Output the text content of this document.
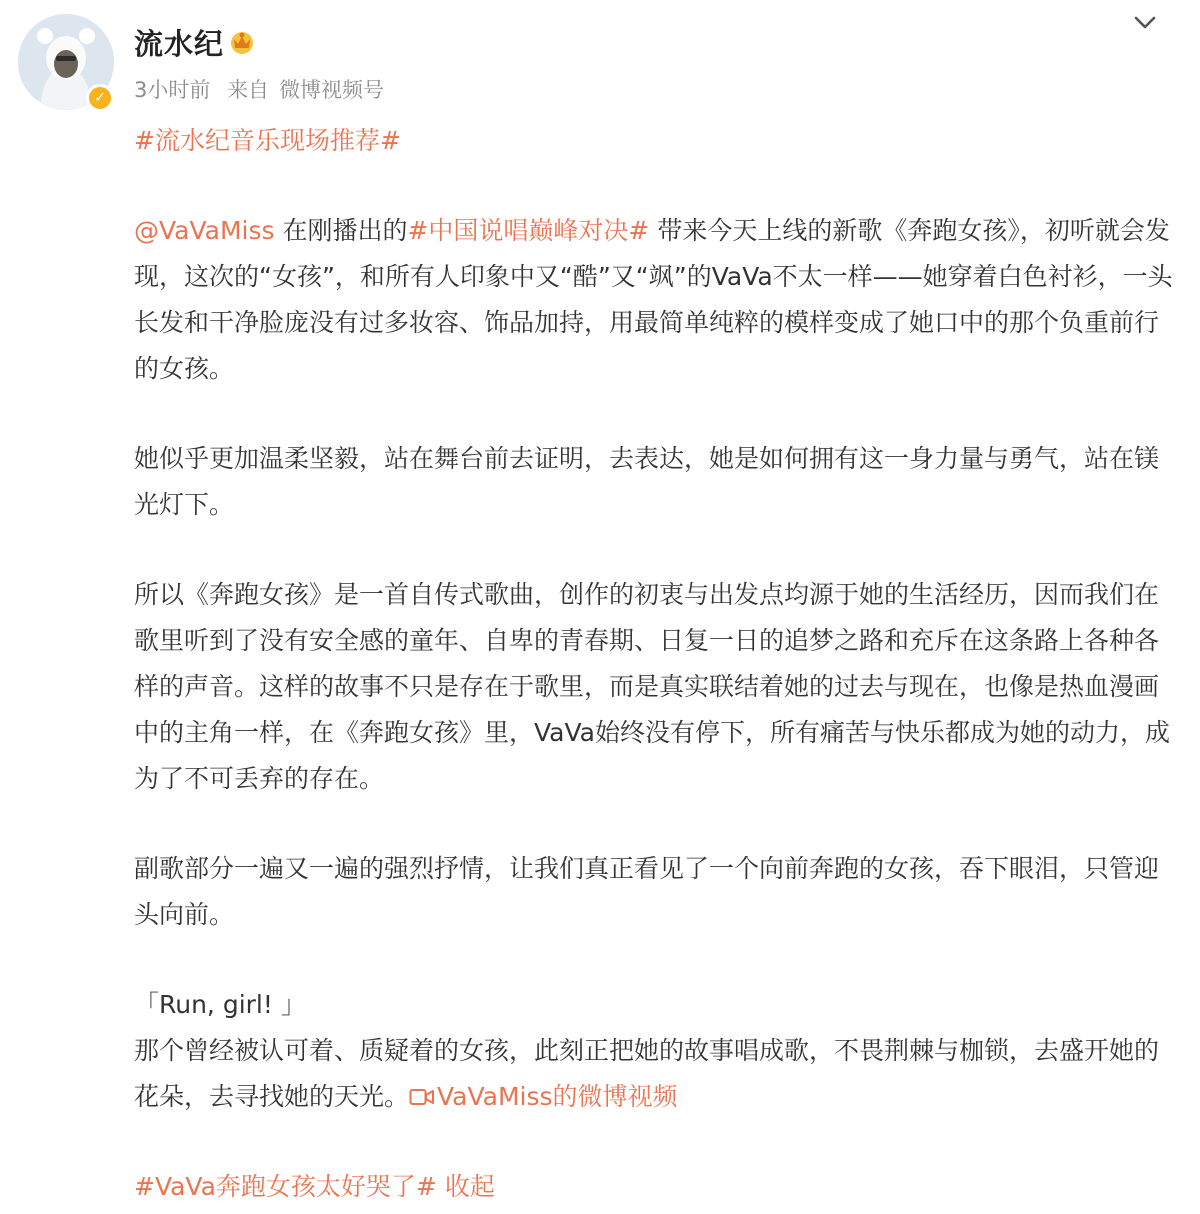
✓
流水纪
3小时前 来自 微博视频号

#流水纪音乐现场推荐#

@VaVaMiss 在刚播出的#中国说唱巅峰对决# 带来今天上线的新歌《奔跑女孩》，初听就会发现，这次的“女孩”，和所有人印象中又“酷”又“飒”的VaVa不太一样——她穿着白色衬衫，一头长发和干净脸庞没有过多妆容、饰品加持，用最简单纯粹的模样变成了她口中的那个负重前行的女孩。

她似乎更加温柔坚毅，站在舞台前去证明，去表达，她是如何拥有这一身力量与勇气，站在镁光灯下。

所以《奔跑女孩》是一首自传式歌曲，创作的初衷与出发点均源于她的生活经历，因而我们在歌里听到了没有安全感的童年、自卑的青春期、日复一日的追梦之路和充斥在这条路上各种各样的声音。这样的故事不只是存在于歌里，而是真实联结着她的过去与现在，也像是热血漫画中的主角一样，在《奔跑女孩》里，VaVa始终没有停下，所有痛苦与快乐都成为她的动力，成为了不可丢弃的存在。

副歌部分一遍又一遍的强烈抒情，让我们真正看见了一个向前奔跑的女孩，吞下眼泪，只管迎头向前。

「Run, girl! 」

那个曾经被认可着、质疑着的女孩，此刻正把她的故事唱成歌，不畏荆棘与枷锁，去盛开她的花朵，去寻找她的天光。 VaVaMiss的微博视频

#VaVa奔跑女孩太好哭了# 收起
